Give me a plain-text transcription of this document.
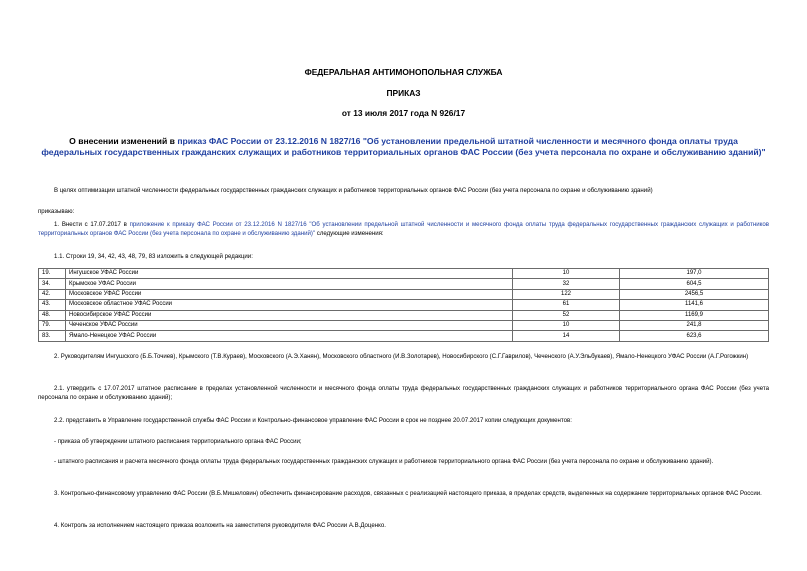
ФЕДЕРАЛЬНАЯ АНТИМОНОПОЛЬНАЯ СЛУЖБА
ПРИКАЗ
от 13 июля 2017 года N 926/17
О внесении изменений в приказ ФАС России от 23.12.2016 N 1827/16 "Об установлении предельной штатной численности и месячного фонда оплаты труда федеральных государственных гражданских служащих и работников территориальных органов ФАС России (без учета персонала по охране и обслуживанию зданий)"
В целях оптимизации штатной численности федеральных государственных гражданских служащих и работников территориальных органов ФАС России (без учета персонала по охране и обслуживанию зданий)
приказываю:
1. Внести с 17.07.2017 в приложение к приказу ФАС России от 23.12.2016 N 1827/16 "Об установлении предельной штатной численности и месячного фонда оплаты труда федеральных государственных гражданских служащих и работников территориальных органов ФАС России (без учета персонала по охране и обслуживанию зданий)" следующие изменения:
1.1. Строки 19, 34, 42, 43, 48, 79, 83 изложить в следующей редакции:
19.	Ингушское УФАС России	10	197,0
34.	Крымское УФАС России	32	604,5
42.	Московское УФАС России	122	2456,5
43.	Московское областное УФАС России	61	1141,6
48.	Новосибирское УФАС России	52	1169,9
79.	Чеченское УФАС России	10	241,8
83.	Ямало-Ненецкое УФАС России	14	623,6
2. Руководителям Ингушского (Б.Б.Точиев), Крымского (Т.В.Кураев), Московского (А.Э.Ханян), Московского областного (И.В.Золотарев), Новосибирского (С.Г.Гаврилов), Чеченского (А.У.Эльбукаев), Ямало-Ненецкого УФАС России (А.Г.Рогожкин)
2.1. утвердить с 17.07.2017 штатное расписание в пределах установленной численности и месячного фонда оплаты труда федеральных государственных гражданских служащих и работников территориального органа ФАС России (без учета персонала по охране и обслуживанию зданий);
2.2. представить в Управление государственной службы ФАС России и Контрольно-финансовое управление ФАС России в срок не позднее 20.07.2017 копии следующих документов:
- приказа об утверждении штатного расписания территориального органа ФАС России;
- штатного расписания и расчета месячного фонда оплаты труда федеральных государственных гражданских служащих и работников территориального органа ФАС России (без учета персонала по охране и обслуживанию зданий).
3. Контрольно-финансовому управлению ФАС России (В.Б.Мишеловин) обеспечить финансирование расходов, связанных с реализацией настоящего приказа, в пределах средств, выделенных на содержание территориальных органов ФАС России.
4. Контроль за исполнением настоящего приказа возложить на заместителя руководителя ФАС России А.В.Доценко.
